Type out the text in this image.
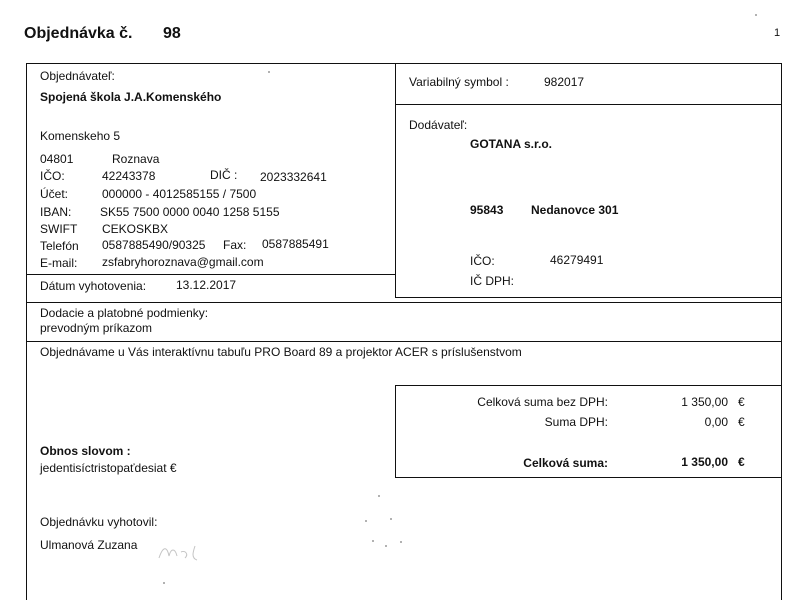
Objednávka č. 98	1
Objednávateľ:
Spojená škola J.A.Komenského
Komenskeho 5
04801	Roznava
IČO:	42243378	DIČ : 2023332641
Účet:	000000 - 4012585155 / 7500
IBAN: SK55 7500 0000 0040 1258 5155
SWIFT CEKOSKBX
Telefón 0587885490/90325 Fax: 0587885491
E-mail: zsfabryhoroznava@gmail.com
Dátum vyhotovenia: 13.12.2017
Variabilný symbol :	982017
Dodávateľ:
GOTANA s.r.o.
95843 Nedanovce 301
IČO:	46279491
IČ DPH:
Dodacie a platobné podmienky:
prevodným príkazom
Objednávame u Vás interaktívnu tabuľu PRO Board 89 a projektor ACER s príslušenstvom
Celková suma bez DPH:	1 350,00 €
Suma DPH:	0,00 €
Celková suma:	1 350,00 €
Obnos slovom :
jedentisíctristopaťdesiat €
Objednávku vyhotovil:
Ulmanová Zuzana
